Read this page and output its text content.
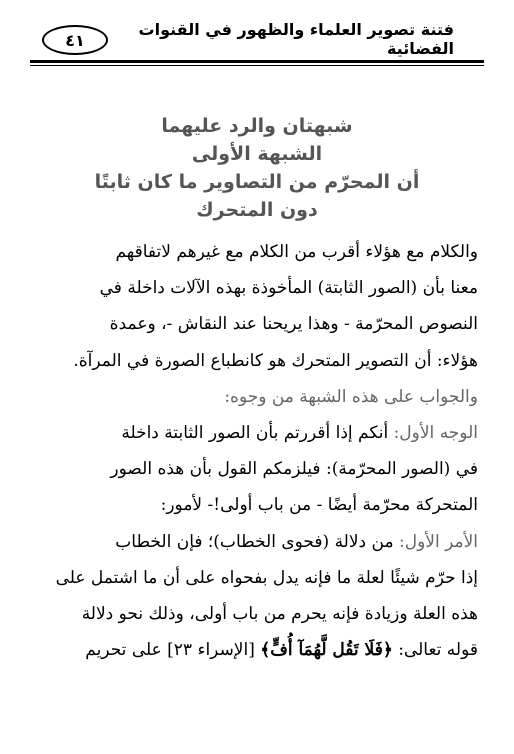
فتنة تصوير العلماء والظهور في القنوات الفضائية
٤١
شبهتان والرد عليهما
الشبهة الأولى
أن المحرّم من التصاوير ما كان ثابتًا
دون المتحرك
والكلام مع هؤلاء أقرب من الكلام مع غيرهم لاتفاقهم
معنا بأن (الصور الثابتة) المأخوذة بهذه الآلات داخلة في
النصوص المحرّمة - وهذا يريحنا عند النقاش -، وعمدة
هؤلاء: أن التصوير المتحرك هو كانطباع الصورة في المرآة.
والجواب على هذه الشبهة من وجوه:
الوجه الأول: أنكم إذا أقررتم بأن الصور الثابتة داخلة
في (الصور المحرّمة): فيلزمكم القول بأن هذه الصور
المتحركة محرّمة أيضًا - من باب أولى!- لأمور:
الأمر الأول: من دلالة (فحوى الخطاب)؛ فإن الخطاب
إذا حرّم شيئًا لعلة ما فإنه يدل بفحواه على أن ما اشتمل على
هذه العلة وزيادة فإنه يحرم من باب أولى، وذلك نحو دلالة
قوله تعالى: ﴿فَلَا تَقُل لَّهُمَآ أُفٍّ﴾ [الإسراء ٢٣] على تحريم
